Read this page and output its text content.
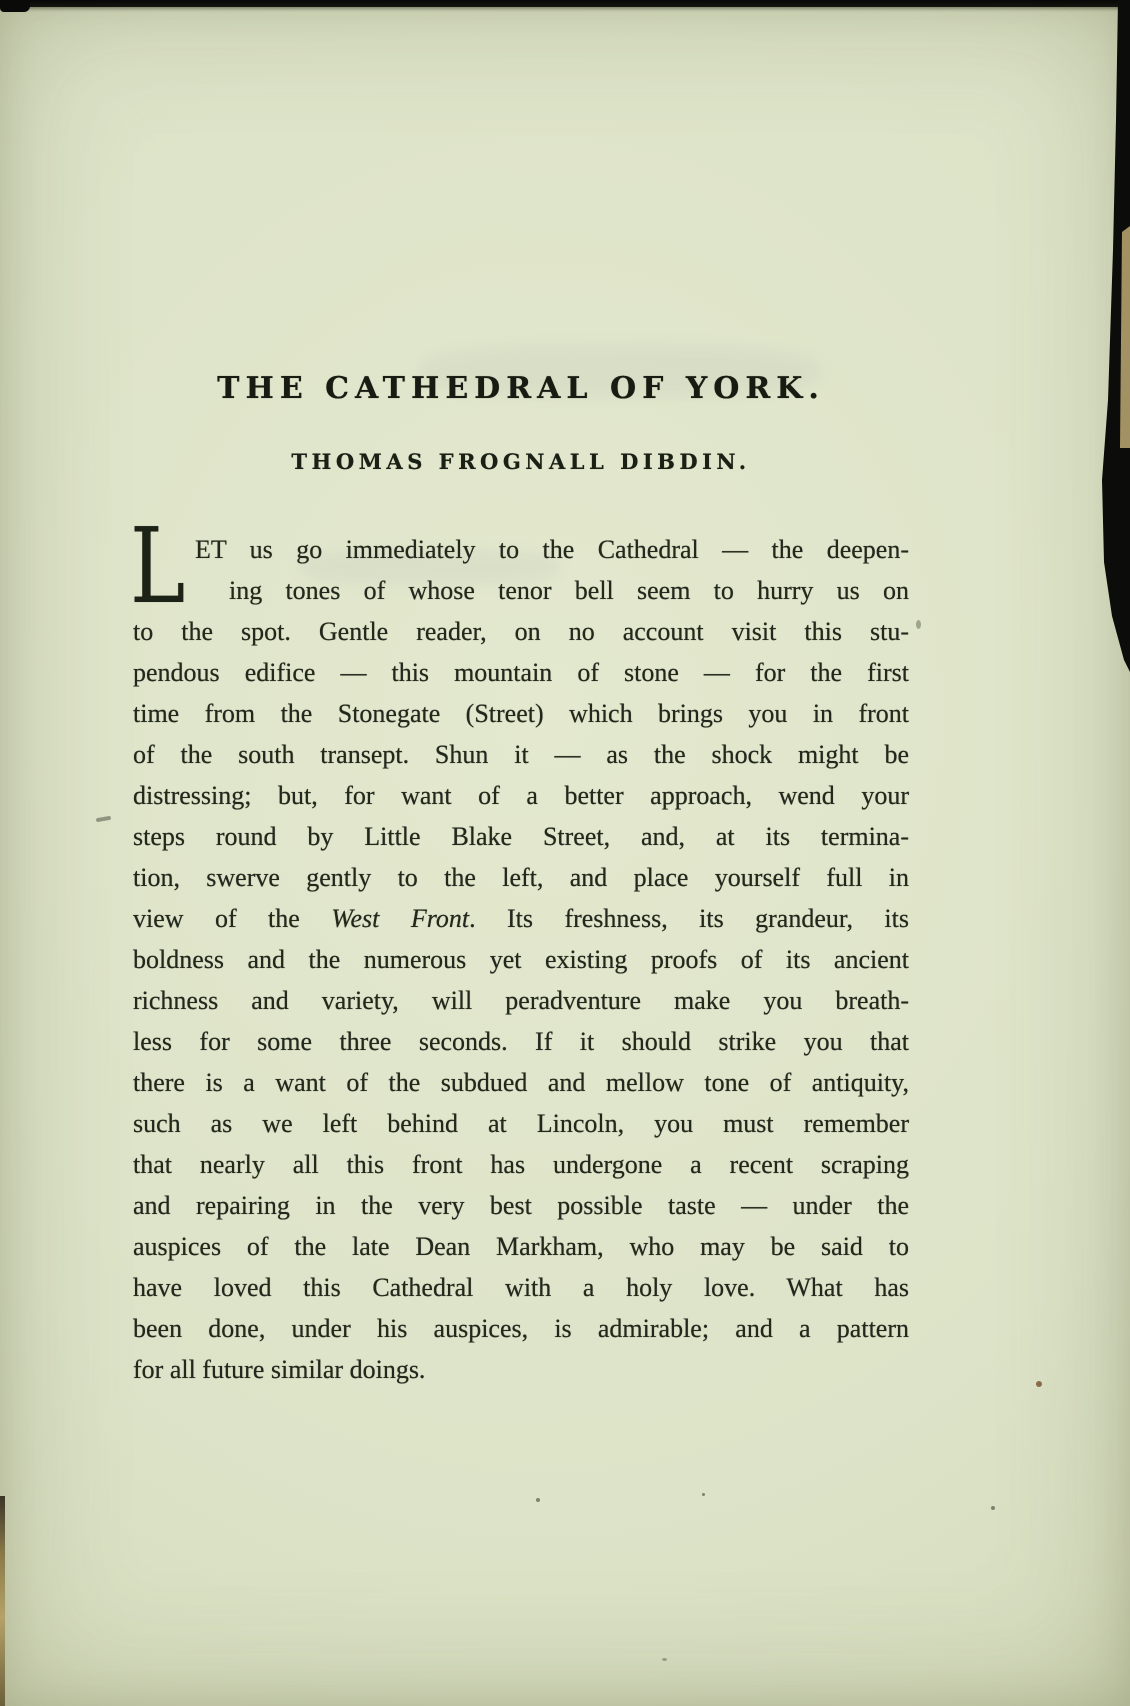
THE CATHEDRAL OF YORK.
THOMAS FROGNALL DIBDIN.
L ET us go immediately to the Cathedral — the deepen-
ing tones of whose tenor bell seem to hurry us on
to the spot. Gentle reader, on no account visit this stu-
pendous edifice — this mountain of stone — for the first
time from the Stonegate (Street) which brings you in front
of the south transept. Shun it — as the shock might be
distressing; but, for want of a better approach, wend your
steps round by Little Blake Street, and, at its termina-
tion, swerve gently to the left, and place yourself full in
view of the West Front. Its freshness, its grandeur, its
boldness and the numerous yet existing proofs of its ancient
richness and variety, will peradventure make you breath-
less for some three seconds. If it should strike you that
there is a want of the subdued and mellow tone of antiquity,
such as we left behind at Lincoln, you must remember
that nearly all this front has undergone a recent scraping
and repairing in the very best possible taste — under the
auspices of the late Dean Markham, who may be said to
have loved this Cathedral with a holy love. What has
been done, under his auspices, is admirable; and a pattern
for all future similar doings.
